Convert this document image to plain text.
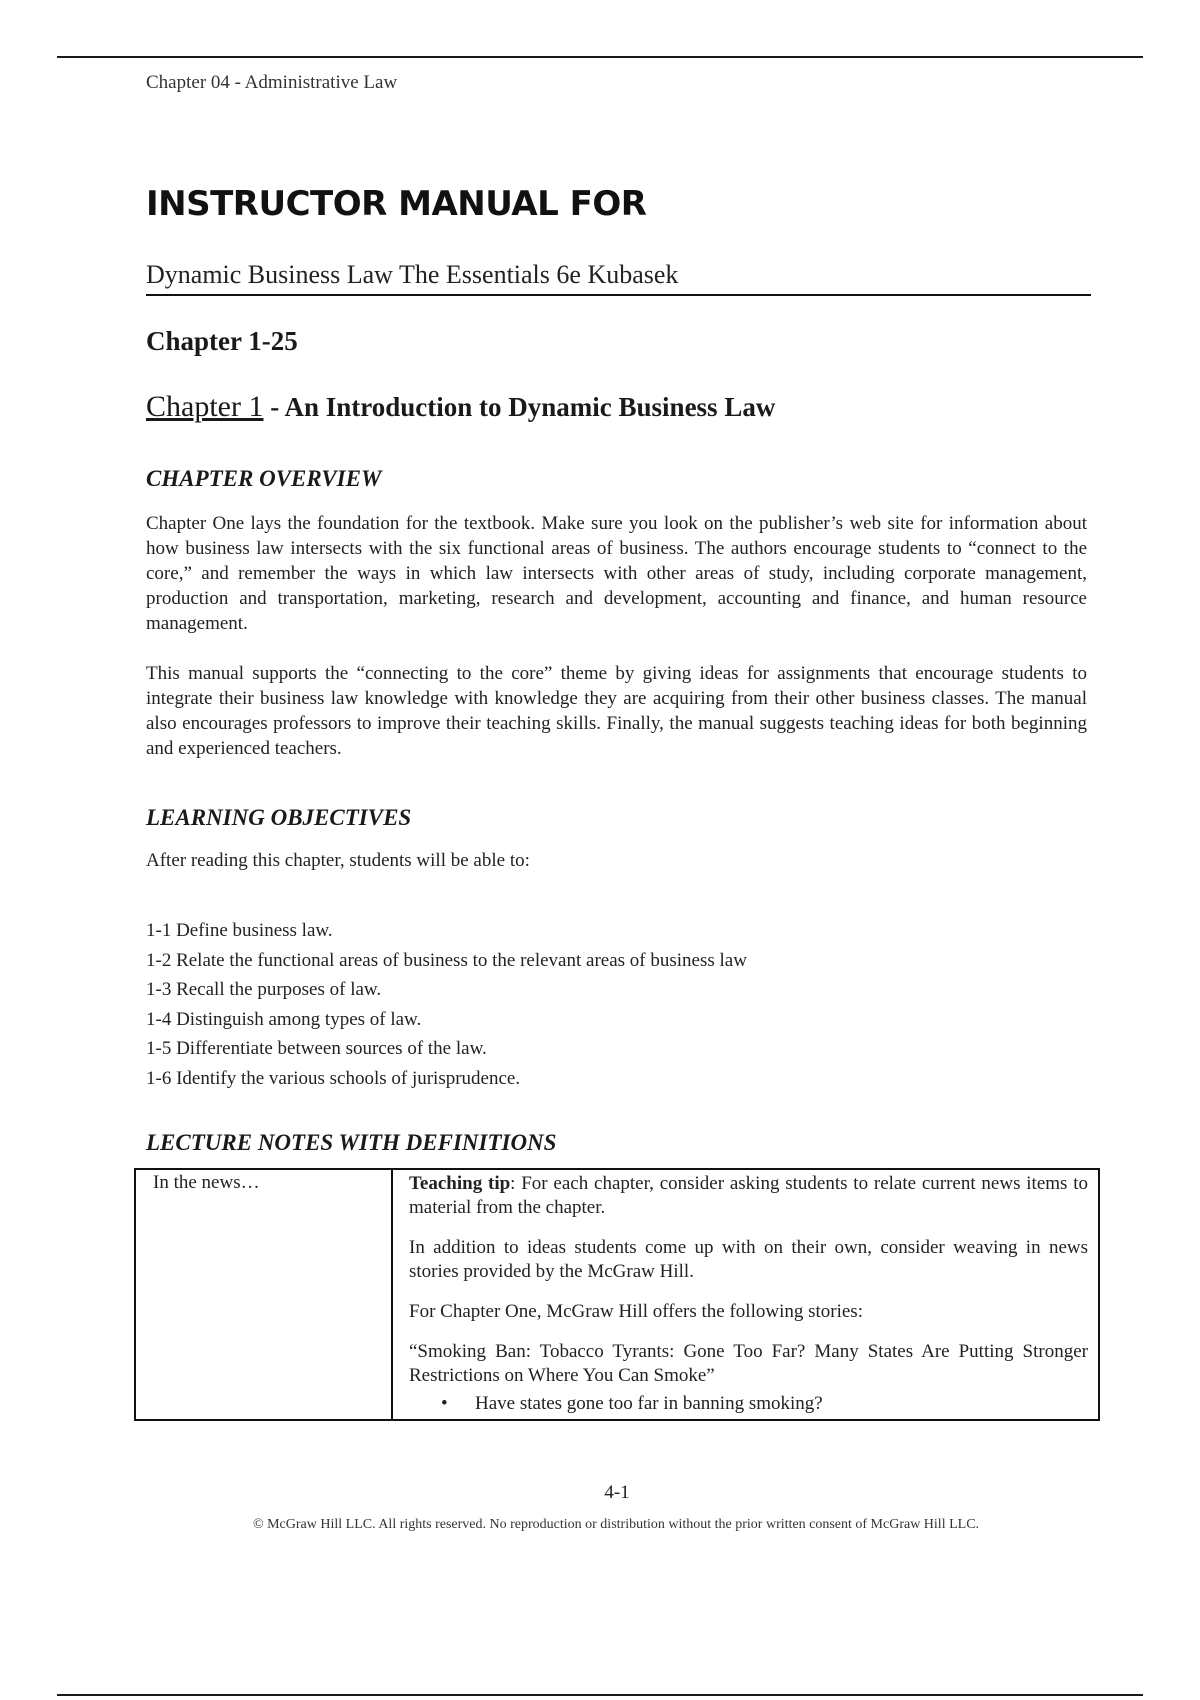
Chapter 04 - Administrative Law
INSTRUCTOR MANUAL FOR
Dynamic Business Law The Essentials 6e Kubasek
Chapter 1-25
Chapter 1 - An Introduction to Dynamic Business Law
CHAPTER OVERVIEW
Chapter One lays the foundation for the textbook. Make sure you look on the publisher’s web site for information about how business law intersects with the six functional areas of business. The authors encourage students to “connect to the core,” and remember the ways in which law intersects with other areas of study, including corporate management, production and transportation, marketing, research and development, accounting and finance, and human resource management.
This manual supports the “connecting to the core” theme by giving ideas for assignments that encourage students to integrate their business law knowledge with knowledge they are acquiring from their other business classes. The manual also encourages professors to improve their teaching skills. Finally, the manual suggests teaching ideas for both beginning and experienced teachers.
LEARNING OBJECTIVES
After reading this chapter, students will be able to:
1-1 Define business law.
1-2 Relate the functional areas of business to the relevant areas of business law
1-3 Recall the purposes of law.
1-4 Distinguish among types of law.
1-5 Differentiate between sources of the law.
1-6 Identify the various schools of jurisprudence.
LECTURE NOTES WITH DEFINITIONS
In the news…	Teaching tip: For each chapter, consider asking students to relate current news items to material from the chapter.

In addition to ideas students come up with on their own, consider weaving in news stories provided by the McGraw Hill.

For Chapter One, McGraw Hill offers the following stories:

“Smoking Ban: Tobacco Tyrants: Gone Too Far? Many States Are Putting Stronger Restrictions on Where You Can Smoke”

• Have states gone too far in banning smoking?
4-1
© McGraw Hill LLC. All rights reserved. No reproduction or distribution without the prior written consent of McGraw Hill LLC.
